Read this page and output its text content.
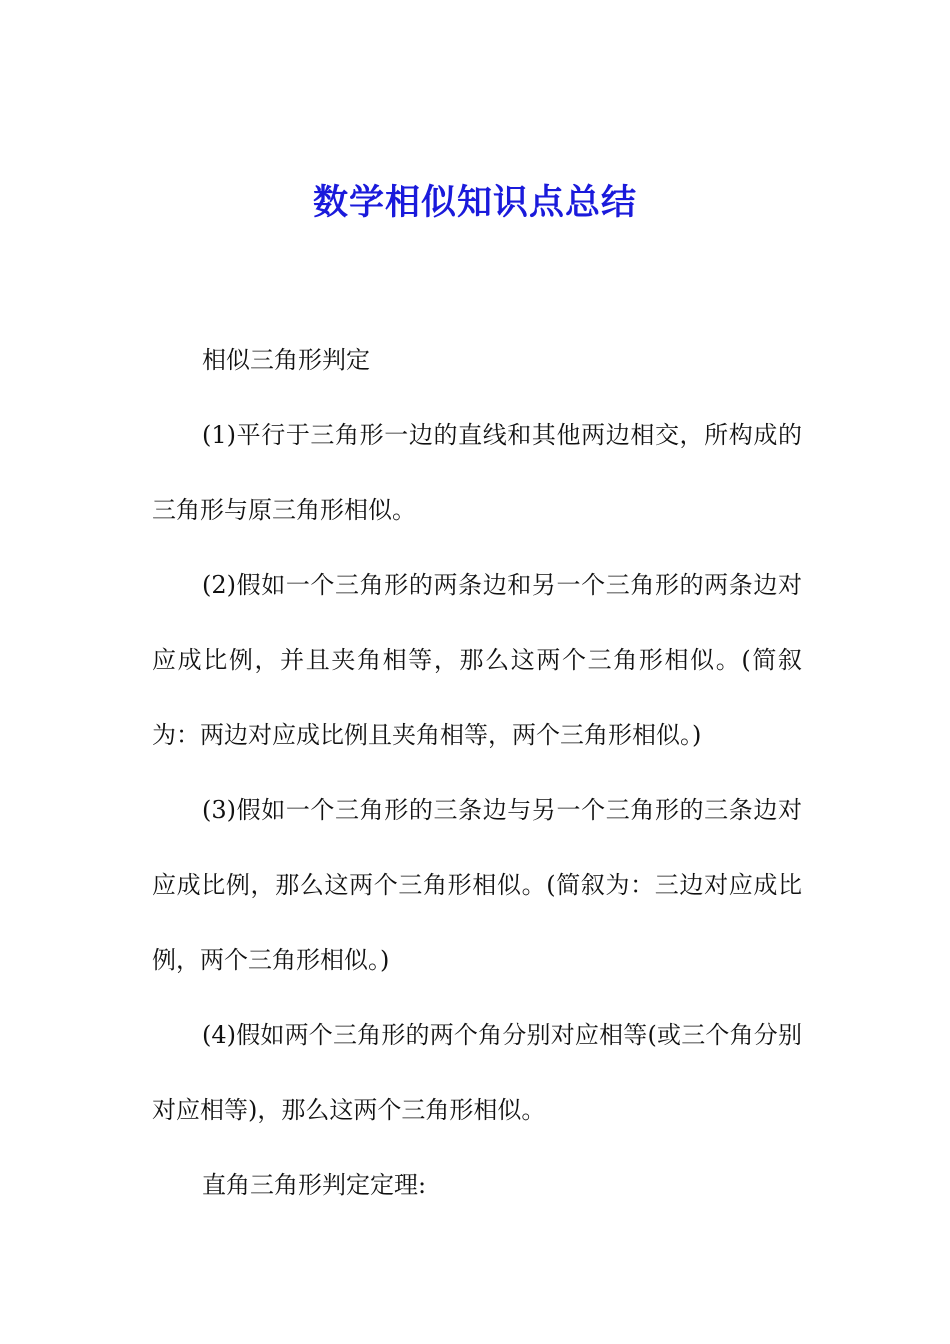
数学相似知识点总结

相似三角形判定

(1)平行于三角形一边的直线和其他两边相交，所构成的三角形与原三角形相似。

(2)假如一个三角形的两条边和另一个三角形的两条边对应成比例，并且夹角相等，那么这两个三角形相似。(简叙为：两边对应成比例且夹角相等，两个三角形相似。)

(3)假如一个三角形的三条边与另一个三角形的三条边对应成比例，那么这两个三角形相似。(简叙为：三边对应成比例，两个三角形相似。)

(4)假如两个三角形的两个角分别对应相等(或三个角分别对应相等)，那么这两个三角形相似。

直角三角形判定定理:
